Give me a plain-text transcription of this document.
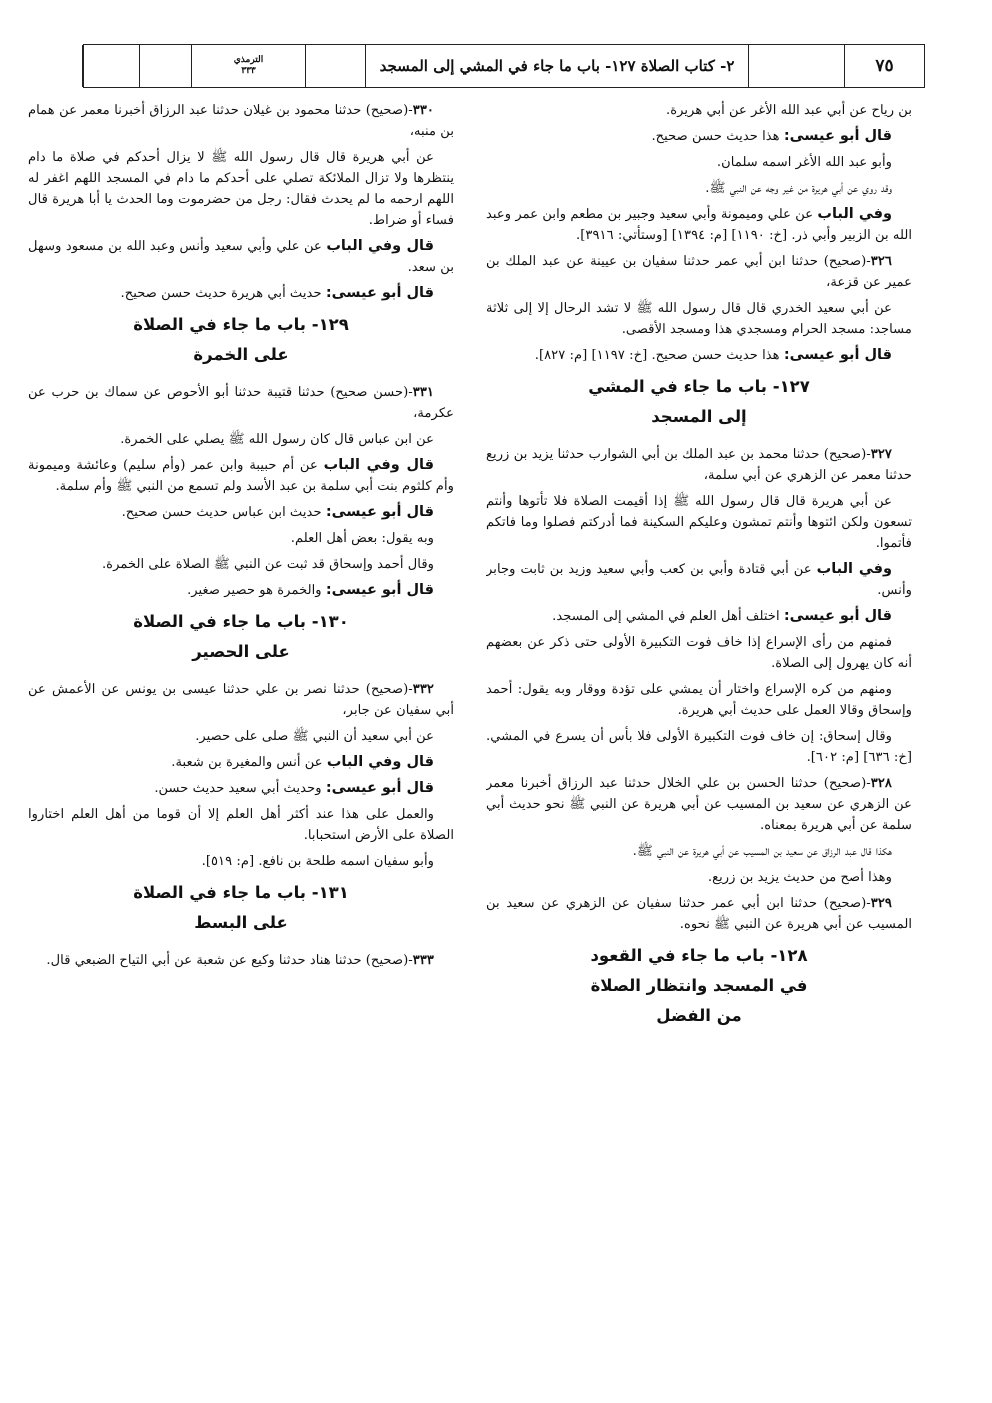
٧٥
٢- كتاب الصلاة ١٢٧- باب ما جاء في المشي إلى المسجد
الترمذي
٣٣٣

بن رياح عن أبي عبد الله الأغر عن أبي هريرة.

قال أبو عيسى: هذا حديث حسن صحيح.

وأبو عبد الله الأغر اسمه سلمان.

وقد روي عن أبي هريرة من غير وجه عن النبي ﷺ.

وفي الباب عن علي وميمونة وأبي سعيد وجبير بن مطعم وابن عمر وعبد الله بن الزبير وأبي ذر. [خ: ١١٩٠] [م: ١٣٩٤] [وستأتي: ٣٩١٦].

٣٢٦-(صحيح) حدثنا ابن أبي عمر حدثنا سفيان بن عيينة عن عبد الملك بن عمير عن قزعة،

عن أبي سعيد الخدري قال قال رسول الله ﷺ لا تشد الرحال إلا إلى ثلاثة مساجد: مسجد الحرام ومسجدي هذا ومسجد الأقصى.

قال أبو عيسى: هذا حديث حسن صحيح. [خ: ١١٩٧] [م: ٨٢٧].

١٢٧- باب ما جاء في المشي
إلى المسجد

٣٢٧-(صحيح) حدثنا محمد بن عبد الملك بن أبي الشوارب حدثنا يزيد بن زريع حدثنا معمر عن الزهري عن أبي سلمة،

عن أبي هريرة قال قال رسول الله ﷺ إذا أقيمت الصلاة فلا تأتوها وأنتم تسعون ولكن ائتوها وأنتم تمشون وعليكم السكينة فما أدركتم فصلوا وما فاتكم فأتموا.

وفي الباب عن أبي قتادة وأبي بن كعب وأبي سعيد وزيد بن ثابت وجابر وأنس.

قال أبو عيسى: اختلف أهل العلم في المشي إلى المسجد.

فمنهم من رأى الإسراع إذا خاف فوت التكبيرة الأولى حتى ذكر عن بعضهم أنه كان يهرول إلى الصلاة.

ومنهم من كره الإسراع واختار أن يمشي على تؤدة ووقار وبه يقول: أحمد وإسحاق وقالا العمل على حديث أبي هريرة.

وقال إسحاق: إن خاف فوت التكبيرة الأولى فلا بأس أن يسرع في المشي. [خ: ٦٣٦] [م: ٦٠٢].

٣٢٨-(صحيح) حدثنا الحسن بن علي الخلال حدثنا عبد الرزاق أخبرنا معمر عن الزهري عن سعيد بن المسيب عن أبي هريرة عن النبي ﷺ نحو حديث أبي سلمة عن أبي هريرة بمعناه.

هكذا قال عبد الرزاق عن سعيد بن المسيب عن أبي هريرة عن النبي ﷺ.

وهذا أصح من حديث يزيد بن زريع.

٣٢٩-(صحيح) حدثنا ابن أبي عمر حدثنا سفيان عن الزهري عن سعيد بن المسيب عن أبي هريرة عن النبي ﷺ نحوه.

١٢٨- باب ما جاء في القعود
في المسجد وانتظار الصلاة
من الفضل

٣٣٠-(صحيح) حدثنا محمود بن غيلان حدثنا عبد الرزاق أخبرنا معمر عن همام بن منبه،

عن أبي هريرة قال قال رسول الله ﷺ لا يزال أحدكم في صلاة ما دام ينتظرها ولا تزال الملائكة تصلي على أحدكم ما دام في المسجد اللهم اغفر له اللهم ارحمه ما لم يحدث فقال: رجل من حضرموت وما الحدث يا أبا هريرة قال فساء أو ضراط.

قال وفي الباب عن علي وأبي سعيد وأنس وعبد الله بن مسعود وسهل بن سعد.

قال أبو عيسى: حديث أبي هريرة حديث حسن صحيح.

١٢٩- باب ما جاء في الصلاة
على الخمرة

٣٣١-(حسن صحيح) حدثنا قتيبة حدثنا أبو الأحوص عن سماك بن حرب عن عكرمة،

عن ابن عباس قال كان رسول الله ﷺ يصلي على الخمرة.

قال وفي الباب عن أم حبيبة وابن عمر (وأم سليم) وعائشة وميمونة وأم كلثوم بنت أبي سلمة بن عبد الأسد ولم تسمع من النبي ﷺ وأم سلمة.

قال أبو عيسى: حديث ابن عباس حديث حسن صحيح.

وبه يقول: بعض أهل العلم.

وقال أحمد وإسحاق قد ثبت عن النبي ﷺ الصلاة على الخمرة.

قال أبو عيسى: والخمرة هو حصير صغير.

١٣٠- باب ما جاء في الصلاة
على الحصير

٣٣٢-(صحيح) حدثنا نصر بن علي حدثنا عيسى بن يونس عن الأعمش عن أبي سفيان عن جابر،

عن أبي سعيد أن النبي ﷺ صلى على حصير.

قال وفي الباب عن أنس والمغيرة بن شعبة.

قال أبو عيسى: وحديث أبي سعيد حديث حسن.

والعمل على هذا عند أكثر أهل العلم إلا أن قوما من أهل العلم اختاروا الصلاة على الأرض استحبابا.

وأبو سفيان اسمه طلحة بن نافع. [م: ٥١٩].

١٣١- باب ما جاء في الصلاة
على البسط

٣٣٣-(صحيح) حدثنا هناد حدثنا وكيع عن شعبة عن أبي التياح الضبعي قال.
